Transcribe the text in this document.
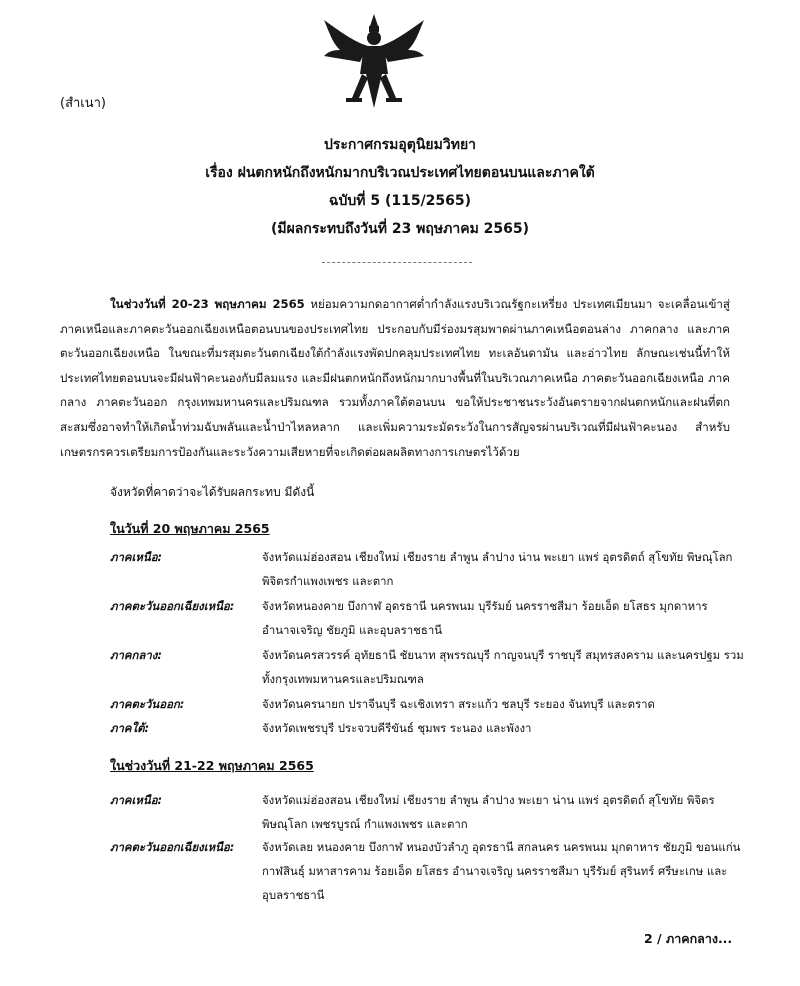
(สำเนา)
ประกาศกรมอุตุนิยมวิทยา
เรื่อง ฝนตกหนักถึงหนักมากบริเวณประเทศไทยตอนบนและภาคใต้
ฉบับที่ 5 (115/2565)
(มีผลกระทบถึงวันที่ 23 พฤษภาคม 2565)
ในช่วงวันที่ 20-23 พฤษภาคม 2565 หย่อมความกดอากาศต่ำกำลังแรงบริเวณรัฐกะเหรี่ยง ประเทศเมียนมา จะเคลื่อนเข้าสู่ภาคเหนือและภาคตะวันออกเฉียงเหนือตอนบนของประเทศไทย ประกอบกับมีร่องมรสุมพาดผ่านภาคเหนือตอนล่าง ภาคกลาง และภาคตะวันออกเฉียงเหนือ ในขณะที่มรสุมตะวันตกเฉียงใต้กำลังแรงพัดปกคลุมประเทศไทย ทะเลอันดามัน และอ่าวไทย ลักษณะเช่นนี้ทำให้ประเทศไทยตอนบนจะมีฝนฟ้าคะนองกับมีลมแรง และมีฝนตกหนักถึงหนักมากบางพื้นที่ในบริเวณภาคเหนือ ภาคตะวันออกเฉียงเหนือ ภาคกลาง ภาคตะวันออก กรุงเทพมหานครและปริมณฑล รวมทั้งภาคใต้ตอนบน ขอให้ประชาชนระวังอันตรายจากฝนตกหนักและฝนที่ตกสะสมซึ่งอาจทำให้เกิดน้ำท่วมฉับพลันและน้ำป่าไหลหลาก และเพิ่มความระมัดระวังในการสัญจรผ่านบริเวณที่มีฝนฟ้าคะนอง สำหรับเกษตรกรควรเตรียมการป้องกันและระวังความเสียหายที่จะเกิดต่อผลผลิตทางการเกษตรไว้ด้วย
จังหวัดที่คาดว่าจะได้รับผลกระทบ มีดังนี้
ในวันที่ 20 พฤษภาคม 2565
ภาคเหนือ:	จังหวัดแม่ฮ่องสอน เชียงใหม่ เชียงราย ลำพูน ลำปาง น่าน พะเยา แพร่ อุตรดิตถ์ สุโขทัย พิษณุโลก พิจิตรกำแพงเพชร และตาก
ภาคตะวันออกเฉียงเหนือ:	จังหวัดหนองคาย บึงกาฬ อุดรธานี นครพนม บุรีรัมย์ นครราชสีมา ร้อยเอ็ด ยโสธร มุกดาหาร อำนาจเจริญ ชัยภูมิ และอุบลราชธานี
ภาคกลาง:	จังหวัดนครสวรรค์ อุทัยธานี ชัยนาท สุพรรณบุรี กาญจนบุรี ราชบุรี สมุทรสงคราม และนครปฐม รวมทั้งกรุงเทพมหานครและปริมณฑล
ภาคตะวันออก:	จังหวัดนครนายก ปราจีนบุรี ฉะเชิงเทรา สระแก้ว ชลบุรี ระยอง จันทบุรี และตราด
ภาคใต้:	จังหวัดเพชรบุรี ประจวบคีรีขันธ์ ชุมพร ระนอง และพังงา
ในช่วงวันที่ 21-22 พฤษภาคม 2565
ภาคเหนือ:	จังหวัดแม่ฮ่องสอน เชียงใหม่ เชียงราย ลำพูน ลำปาง พะเยา น่าน แพร่ อุตรดิตถ์ สุโขทัย พิจิตร พิษณุโลก เพชรบูรณ์ กำแพงเพชร และตาก
ภาคตะวันออกเฉียงเหนือ:	จังหวัดเลย หนองคาย บึงกาฬ หนองบัวลำภู อุดรธานี สกลนคร นครพนม มุกดาหาร ชัยภูมิ ขอนแก่น กาฬสินธุ์ มหาสารคาม ร้อยเอ็ด ยโสธร อำนาจเจริญ นครราชสีมา บุรีรัมย์ สุรินทร์ ศรีษะเกษ และอุบลราชธานี
2 / ภาคกลาง...
